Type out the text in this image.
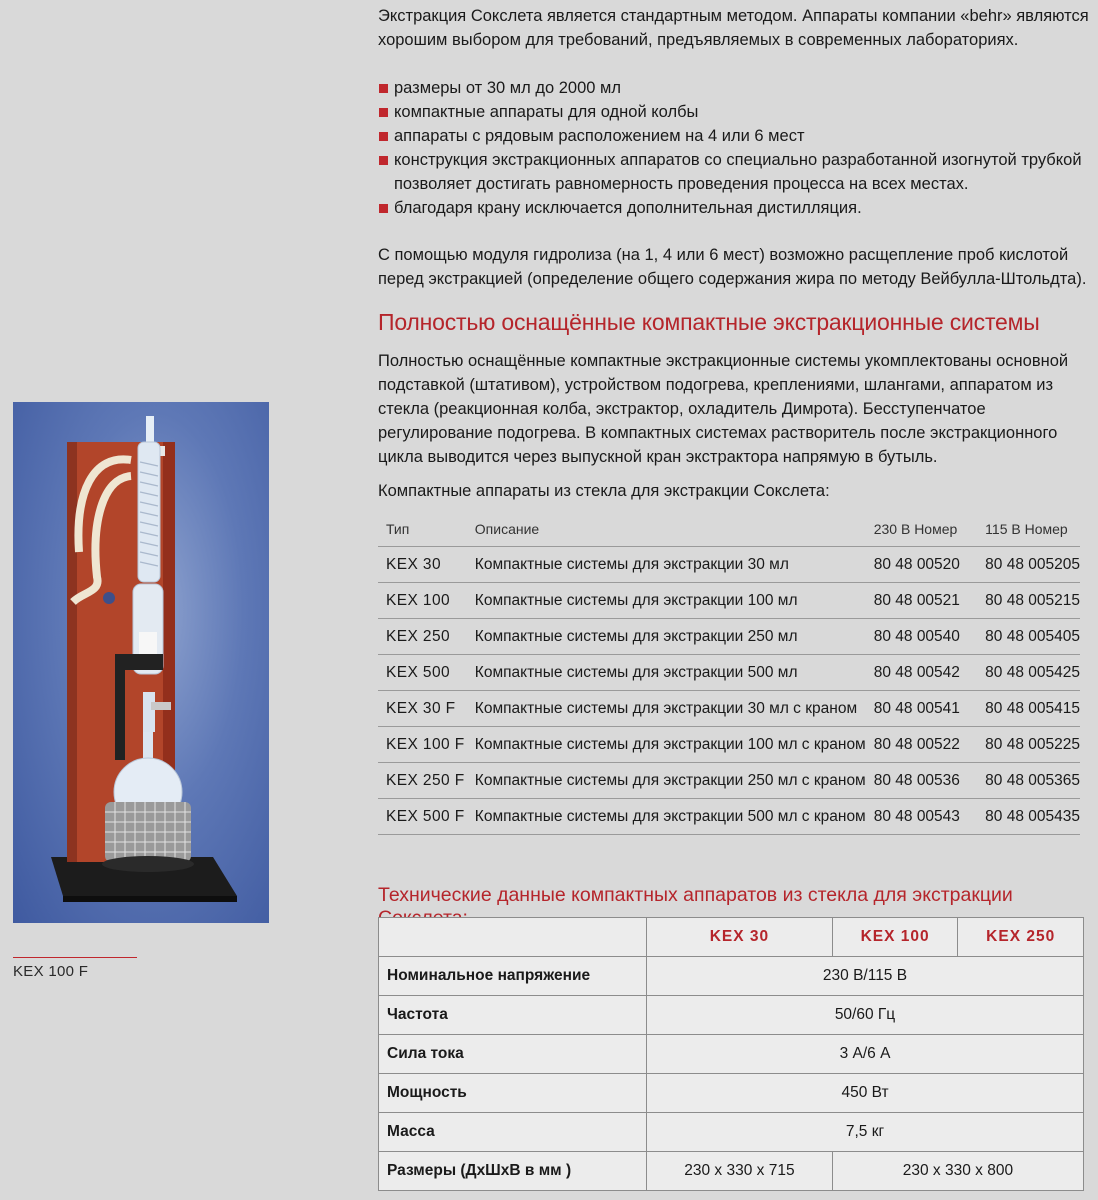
KEX 100 F

Экстракция Сокслета является стандартным методом. Аппараты компании «behr» являются хорошим выбором для требований, предъявляемых в современных лабораториях.

размеры от 30 мл до 2000 мл
компактные аппараты для одной колбы
аппараты с рядовым расположением на 4 или 6 мест
конструкция экстракционных аппаратов со специально разработанной изогнутой трубкой позволяет достигать равномерность проведения процесса на всех местах.
благодаря крану исключается дополнительная дистилляция.

С помощью модуля гидролиза (на 1, 4 или 6 мест) возможно расщепление проб кислотой перед экстракцией (определение общего содержания жира по методу Вейбулла-Штольдта).

Полностью оснащённые компактные экстракционные системы

Полностью оснащённые компактные экстракционные системы укомплектованы основной подставкой (штативом), устройством подогрева, креплениями, шлангами, аппаратом из стекла (реакционная колба, экстрактор, охладитель Димрота). Бесступенчатое регулирование подогрева. В компактных системах растворитель после экстракционного цикла выводится через выпускной кран экстрактора напрямую в бутыль.

Компактные аппараты из стекла для экстракции Сокслета:

Тип	Описание	230 В Номер	115 В Номер
KEX 30	Компактные системы для экстракции 30 мл	80 48 00520	80 48 005205
KEX 100	Компактные системы для экстракции 100 мл	80 48 00521	80 48 005215
KEX 250	Компактные системы для экстракции 250 мл	80 48 00540	80 48 005405
KEX 500	Компактные системы для экстракции 500 мл	80 48 00542	80 48 005425
KEX 30 F	Компактные системы для экстракции 30 мл с краном	80 48 00541	80 48 005415
KEX 100 F	Компактные системы для экстракции 100 мл с краном	80 48 00522	80 48 005225
KEX 250 F	Компактные системы для экстракции 250 мл с краном	80 48 00536	80 48 005365
KEX 500 F	Компактные системы для экстракции 500 мл с краном	80 48 00543	80 48 005435
Технические данные компактных аппаратов из стекла для экстракции
	KEX 30	KEX 100	KEX 250
Номинальное напряжение	230 В/115 В		
Частота	50/60 Гц		
Сила тока	3 А/6 А		
Мощность	450 Вт		
Масса	7,5 кг		
Размеры (ДхШхВ в мм )	230 х 330 х 715	230 х 330 х 800	
